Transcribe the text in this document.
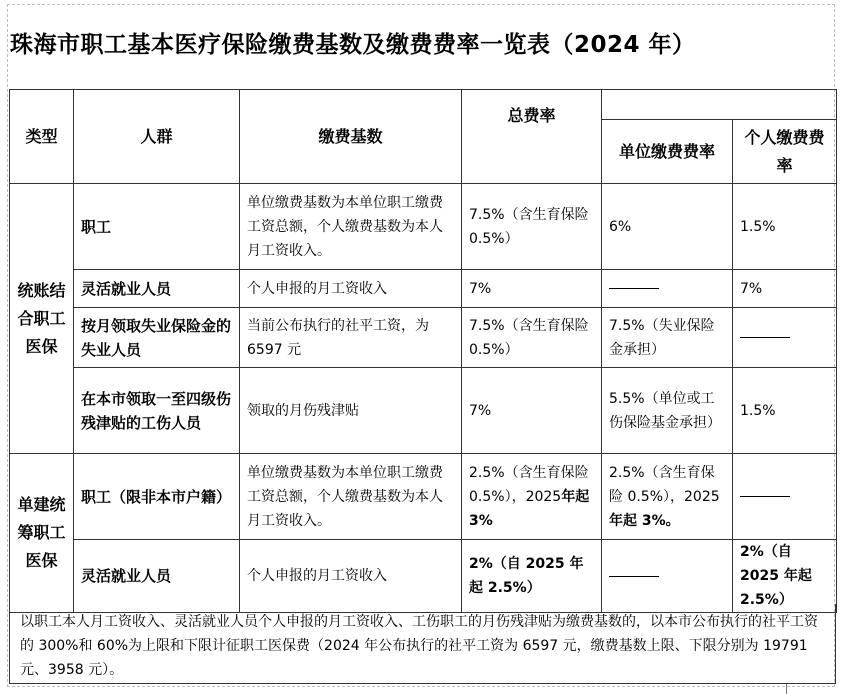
珠海市职工基本医疗保险缴费基数及缴费费率一览表（2024 年）
类型	人群	缴费基数	总费率		
				单位缴费费率	个人缴费费率
统账结合职工医保	职工	单位缴费基数为本单位职工缴费工资总额，个人缴费基数为本人月工资收入。	7.5%（含生育保险 0.5%）	6%	1.5%
	灵活就业人员	个人申报的月工资收入	7%		7%
	按月领取失业保险金的失业人员	当前公布执行的社平工资，为 6597 元	7.5%（含生育保险 0.5%）	7.5%（失业保险金承担）	
	在本市领取一至四级伤残津贴的工伤人员	领取的月伤残津贴	7%	5.5%（单位或工伤保险基金承担）	1.5%
单建统筹职工医保	职工（限非本市户籍）	单位缴费基数为本单位职工缴费工资总额，个人缴费基数为本人月工资收入。	2.5%（含生育保险 0.5%），2025年起 3%	2.5%（含生育保险 0.5%），2025年起 3%。	
	灵活就业人员	个人申报的月工资收入	2%（自 2025 年起 2.5%）		2%（自 2025 年起 2.5%）
以职工本人月工资收入、灵活就业人员个人申报的月工资收入、工伤职工的月伤残津贴为缴费基数的，以本市公布执行的社平工资的 300%和 60%为上限和下限计征职工医保费（2024 年公布执行的社平工资为 6597 元，缴费基数上限、下限分别为 19791 元、3958 元）。
